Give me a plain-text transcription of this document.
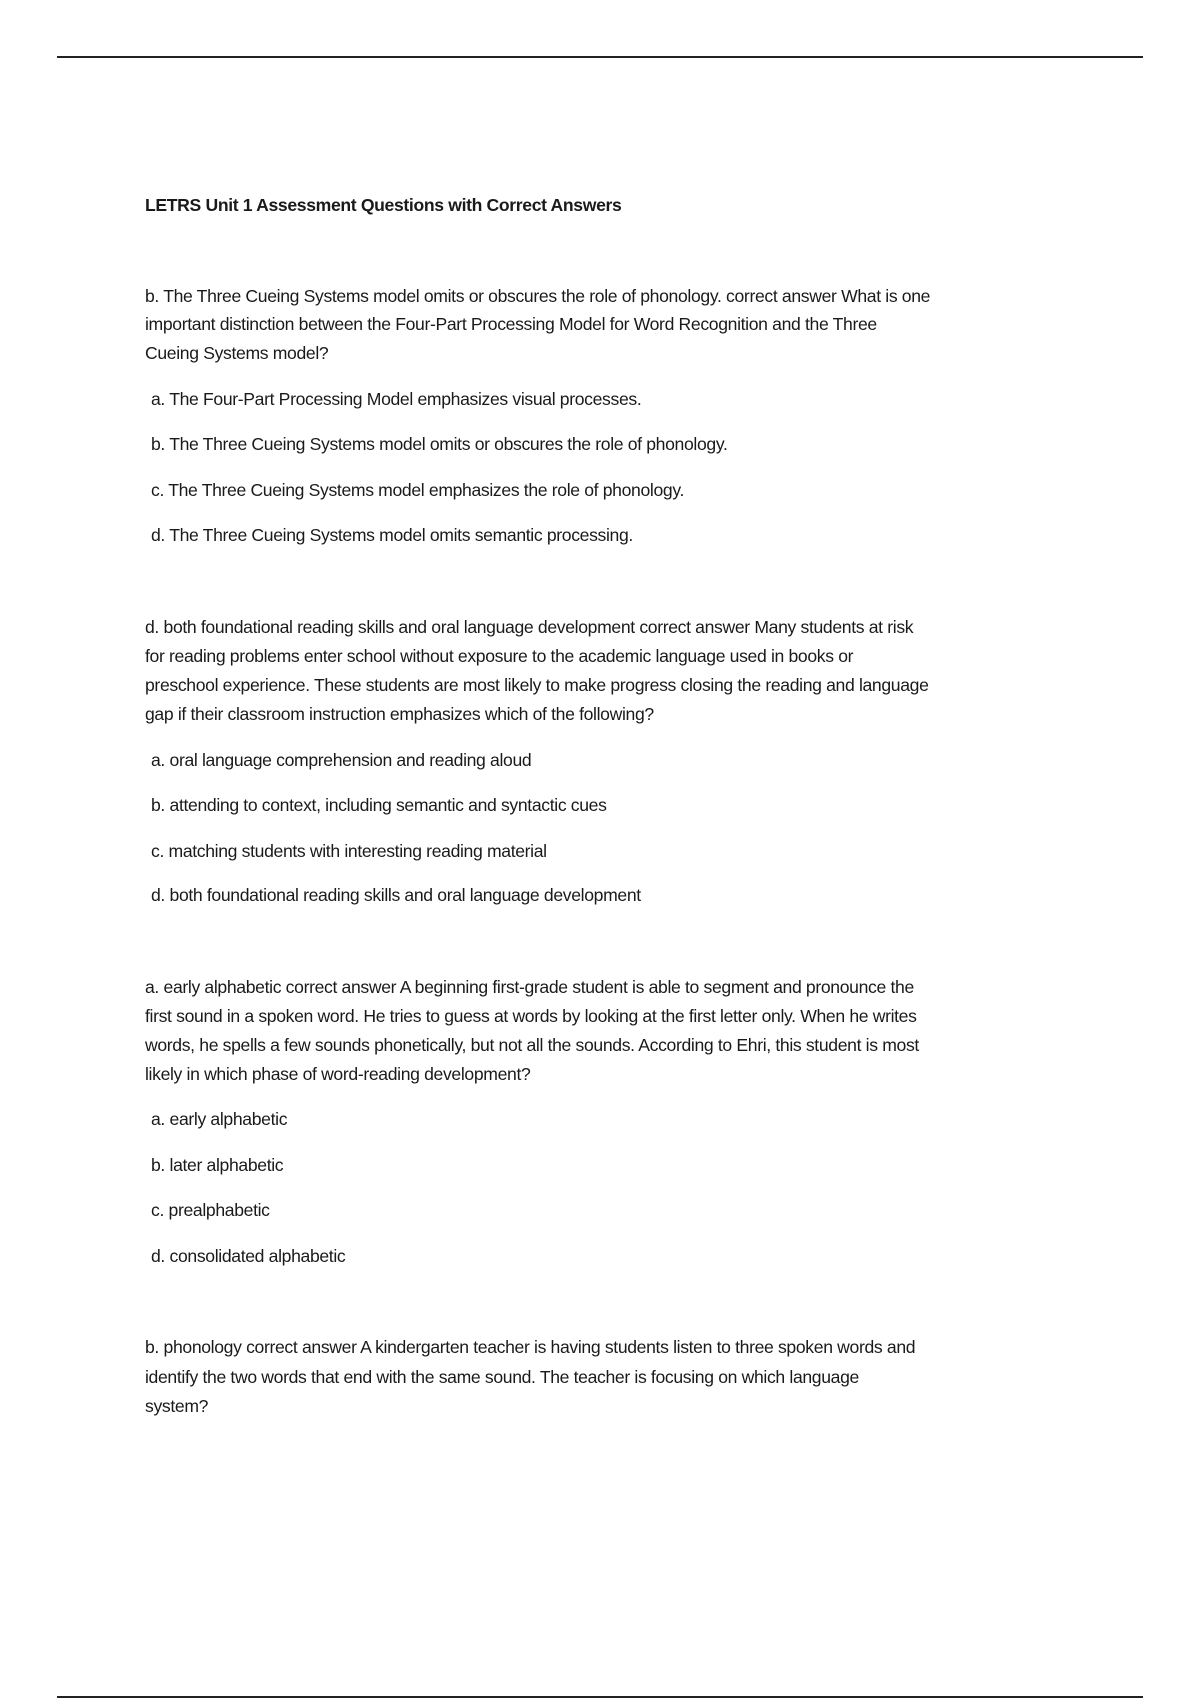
LETRS Unit 1 Assessment Questions with Correct Answers
b. The Three Cueing Systems model omits or obscures the role of phonology. correct answer What is one
important distinction between the Four-Part Processing Model for Word Recognition and the Three
Cueing Systems model?
a. The Four-Part Processing Model emphasizes visual processes.
b. The Three Cueing Systems model omits or obscures the role of phonology.
c. The Three Cueing Systems model emphasizes the role of phonology.
d. The Three Cueing Systems model omits semantic processing.
d. both foundational reading skills and oral language development correct answer Many students at risk
for reading problems enter school without exposure to the academic language used in books or
preschool experience. These students are most likely to make progress closing the reading and language
gap if their classroom instruction emphasizes which of the following?
a. oral language comprehension and reading aloud
b. attending to context, including semantic and syntactic cues
c. matching students with interesting reading material
d. both foundational reading skills and oral language development
a. early alphabetic correct answer A beginning first-grade student is able to segment and pronounce the
first sound in a spoken word. He tries to guess at words by looking at the first letter only. When he writes
words, he spells a few sounds phonetically, but not all the sounds. According to Ehri, this student is most
likely in which phase of word-reading development?
a. early alphabetic
b. later alphabetic
c. prealphabetic
d. consolidated alphabetic
b. phonology correct answer A kindergarten teacher is having students listen to three spoken words and
identify the two words that end with the same sound. The teacher is focusing on which language
system?
